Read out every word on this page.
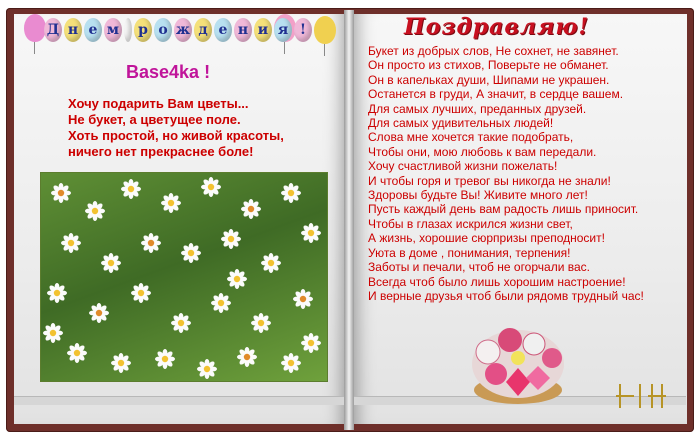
Д н е м р о ж д е н и я !
Base4ka !
Хочу подарить Вам цветы...
Не букет, а цветущее поле.
Хоть простой, но живой красоты,
ничего нет прекраснее боле!
Поздравляю!
Букет из добрых слов, Не сохнет, не завянет.
Он просто из стихов, Поверьте не обманет.
Он в капельках души, Шипами не украшен.
Останется в груди, А значит, в сердце вашем.
Для самых лучших, преданных друзей.
Для самых удивительных людей!
Слова мне хочется такие подобрать,
Чтобы они, мою любовь к вам передали.
Хочу счастливой жизни пожелать!
И чтобы горя и тревог вы никогда не знали!
Здоровы будьте Вы! Живите много лет!
Пусть каждый день вам радость лишь приносит.
Чтобы в глазах искрился жизни свет,
А жизнь, хорошие сюрпризы преподносит!
Уюта в доме , понимания, терпения!
Заботы и печали, чтоб не огорчали вас.
Всегда чтоб было лишь хорошим настроение!
И верные друзья чтоб были рядомв трудный час!
